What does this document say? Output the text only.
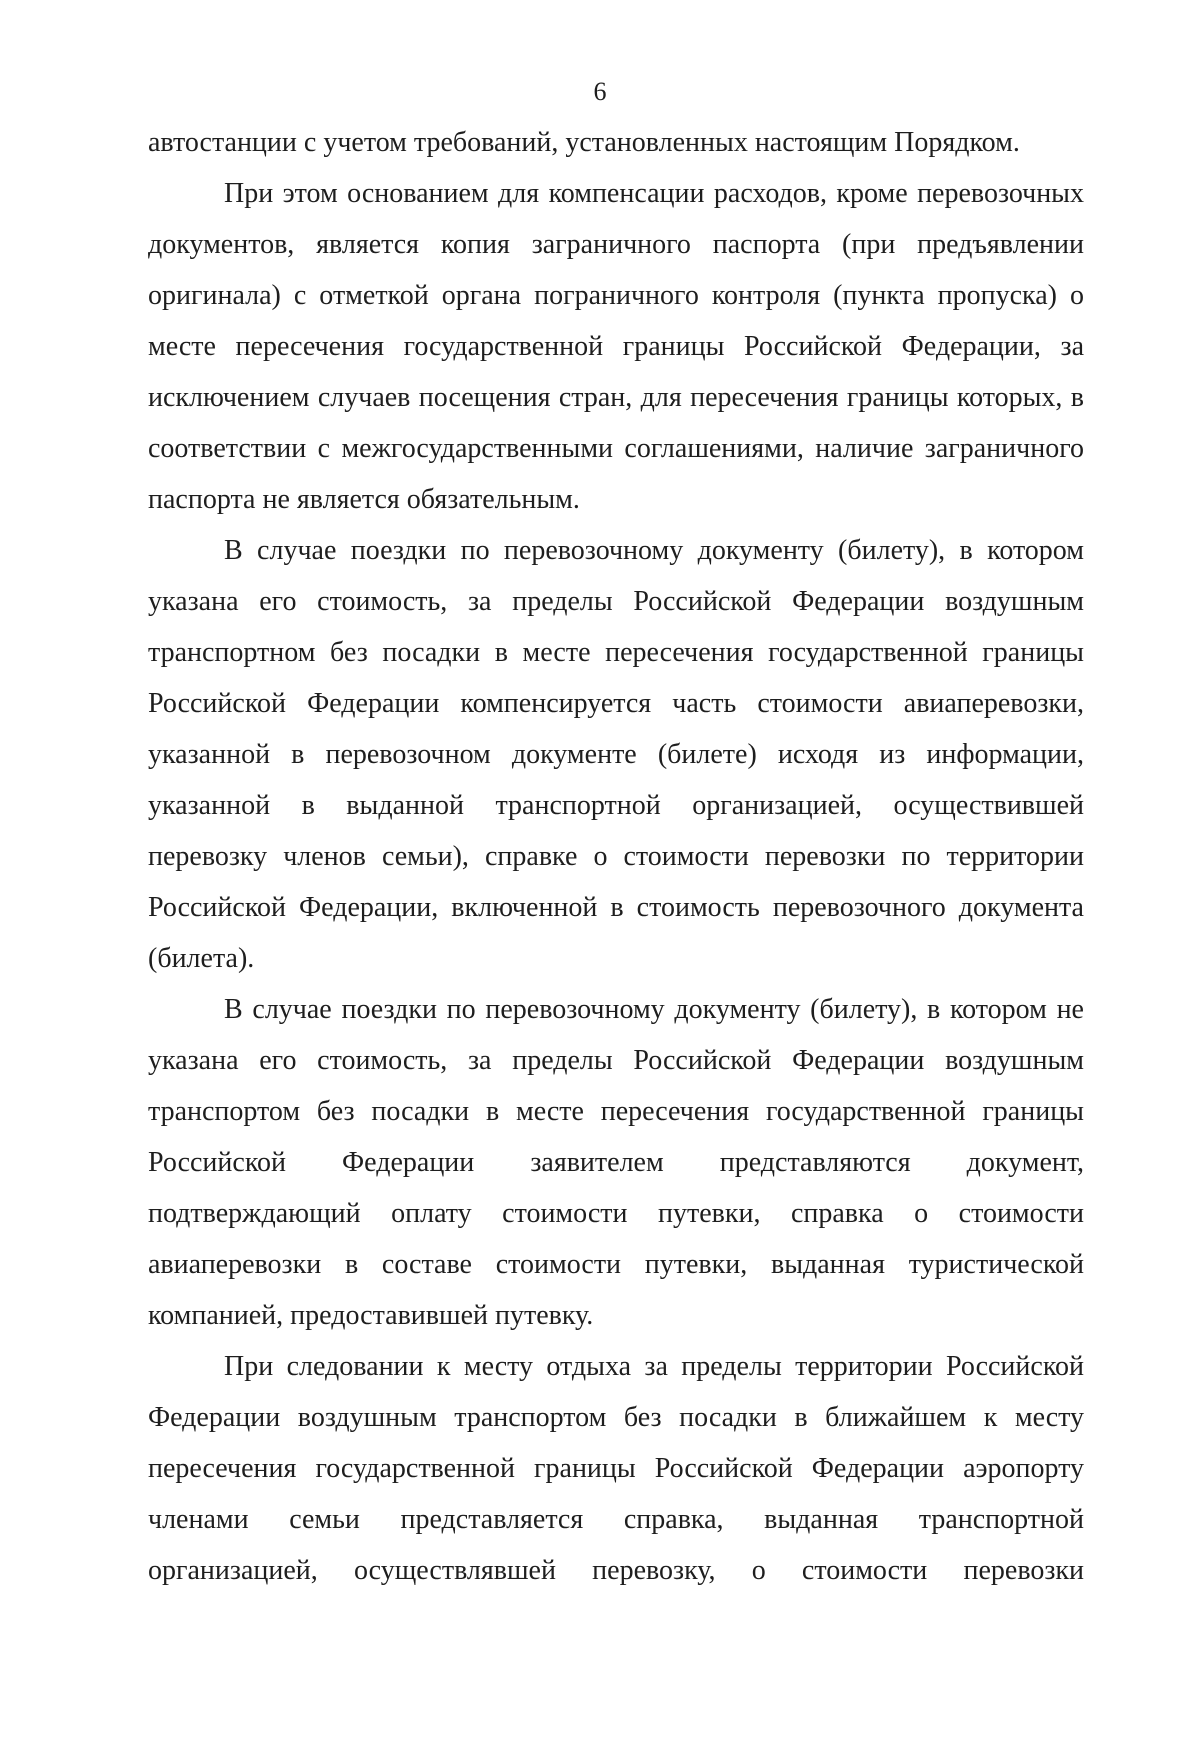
6

автостанции с учетом требований, установленных настоящим Порядком.

При этом основанием для компенсации расходов, кроме перевозочных документов, является копия заграничного паспорта (при предъявлении оригинала) с отметкой органа пограничного контроля (пункта пропуска) о месте пересечения государственной границы Российской Федерации, за исключением случаев посещения стран, для пересечения границы которых, в соответствии с межгосударственными соглашениями, наличие заграничного паспорта не является обязательным.

В случае поездки по перевозочному документу (билету), в котором указана его стоимость, за пределы Российской Федерации воздушным транспортном без посадки в месте пересечения государственной границы Российской Федерации компенсируется часть стоимости авиаперевозки, указанной в перевозочном документе (билете) исходя из информации, указанной в выданной транспортной организацией, осуществившей перевозку членов семьи), справке о стоимости перевозки по территории Российской Федерации, включенной в стоимость перевозочного документа (билета).

В случае поездки по перевозочному документу (билету), в котором не указана его стоимость, за пределы Российской Федерации воздушным транспортом без посадки в месте пересечения государственной границы Российской Федерации заявителем представляются документ, подтверждающий оплату стоимости путевки, справка о стоимости авиаперевозки в составе стоимости путевки, выданная туристической компанией, предоставившей путевку.

При следовании к месту отдыха за пределы территории Российской Федерации воздушным транспортом без посадки в ближайшем к месту пересечения государственной границы Российской Федерации аэропорту членами семьи представляется справка, выданная транспортной организацией, осуществлявшей перевозку, о стоимости перевозки
